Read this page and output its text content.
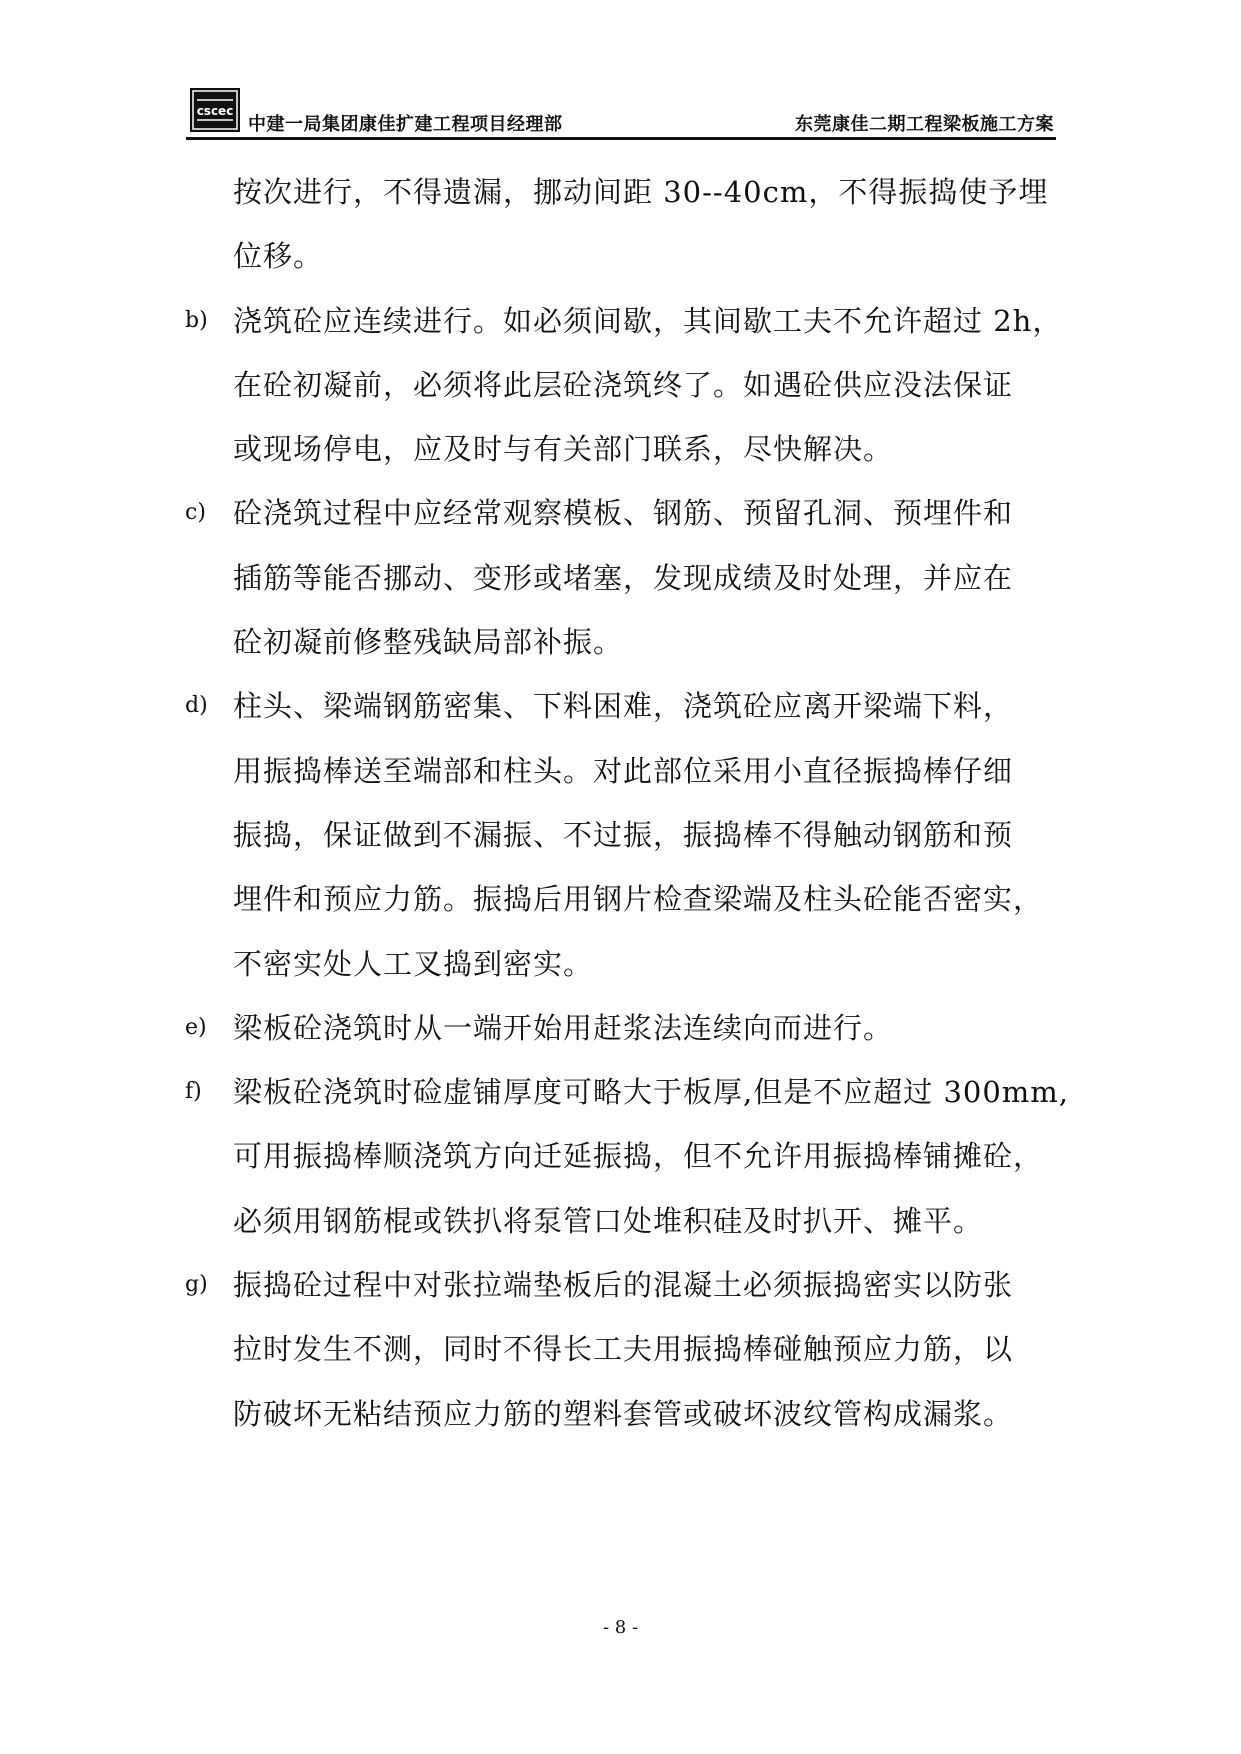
cscec
中建一局集团康佳扩建工程项目经理部	东莞康佳二期工程梁板施工方案
按次进行，不得遗漏，挪动间距 30--40cm，不得振捣使予埋
位移。
b) 浇筑砼应连续进行。如必须间歇，其间歇工夫不允许超过 2h，
在砼初凝前，必须将此层砼浇筑终了。如遇砼供应没法保证
或现场停电，应及时与有关部门联系，尽快解决。
c) 砼浇筑过程中应经常观察模板、钢筋、预留孔洞、预埋件和
插筋等能否挪动、变形或堵塞，发现成绩及时处理，并应在
砼初凝前修整残缺局部补振。
d) 柱头、梁端钢筋密集、下料困难，浇筑砼应离开梁端下料，
用振捣棒送至端部和柱头。对此部位采用小直径振捣棒仔细
振捣，保证做到不漏振、不过振，振捣棒不得触动钢筋和预
埋件和预应力筋。振捣后用钢片检查梁端及柱头砼能否密实，
不密实处人工叉捣到密实。
e) 梁板砼浇筑时从一端开始用赶浆法连续向而进行。
f) 梁板砼浇筑时硷虚铺厚度可略大于板厚,但是不应超过 300mm,
可用振捣棒顺浇筑方向迁延振捣，但不允许用振捣棒铺摊砼，
必须用钢筋棍或铁扒将泵管口处堆积硅及时扒开、摊平。
g) 振捣砼过程中对张拉端垫板后的混凝土必须振捣密实以防张
拉时发生不测，同时不得长工夫用振捣棒碰触预应力筋，以
防破坏无粘结预应力筋的塑料套管或破坏波纹管构成漏浆。
- 8 -
